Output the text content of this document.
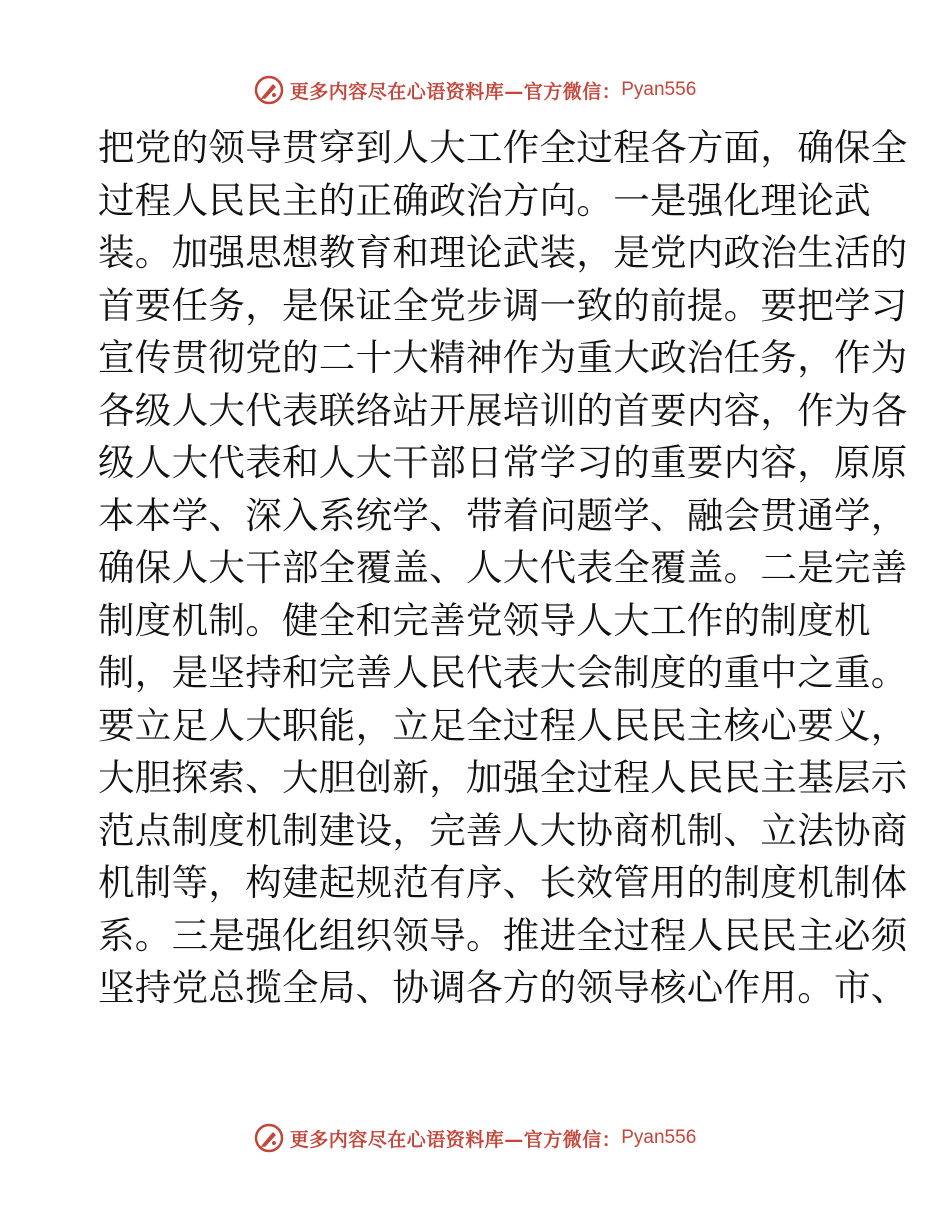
更多内容尽在心语资料库—官方微信： Pyan556
把党的领导贯穿到人大工作全过程各方面，确保全
过程人民民主的正确政治方向。一是强化理论武
装。加强思想教育和理论武装，是党内政治生活的
首要任务，是保证全党步调一致的前提。要把学习
宣传贯彻党的二十大精神作为重大政治任务，作为
各级人大代表联络站开展培训的首要内容，作为各
级人大代表和人大干部日常学习的重要内容，原原
本本学、深入系统学、带着问题学、融会贯通学，
确保人大干部全覆盖、人大代表全覆盖。二是完善
制度机制。健全和完善党领导人大工作的制度机
制，是坚持和完善人民代表大会制度的重中之重。
要立足人大职能，立足全过程人民民主核心要义，
大胆探索、大胆创新，加强全过程人民民主基层示
范点制度机制建设，完善人大协商机制、立法协商
机制等，构建起规范有序、长效管用的制度机制体
系。三是强化组织领导。推进全过程人民民主必须
坚持党总揽全局、协调各方的领导核心作用。市、
更多内容尽在心语资料库—官方微信： Pyan556
